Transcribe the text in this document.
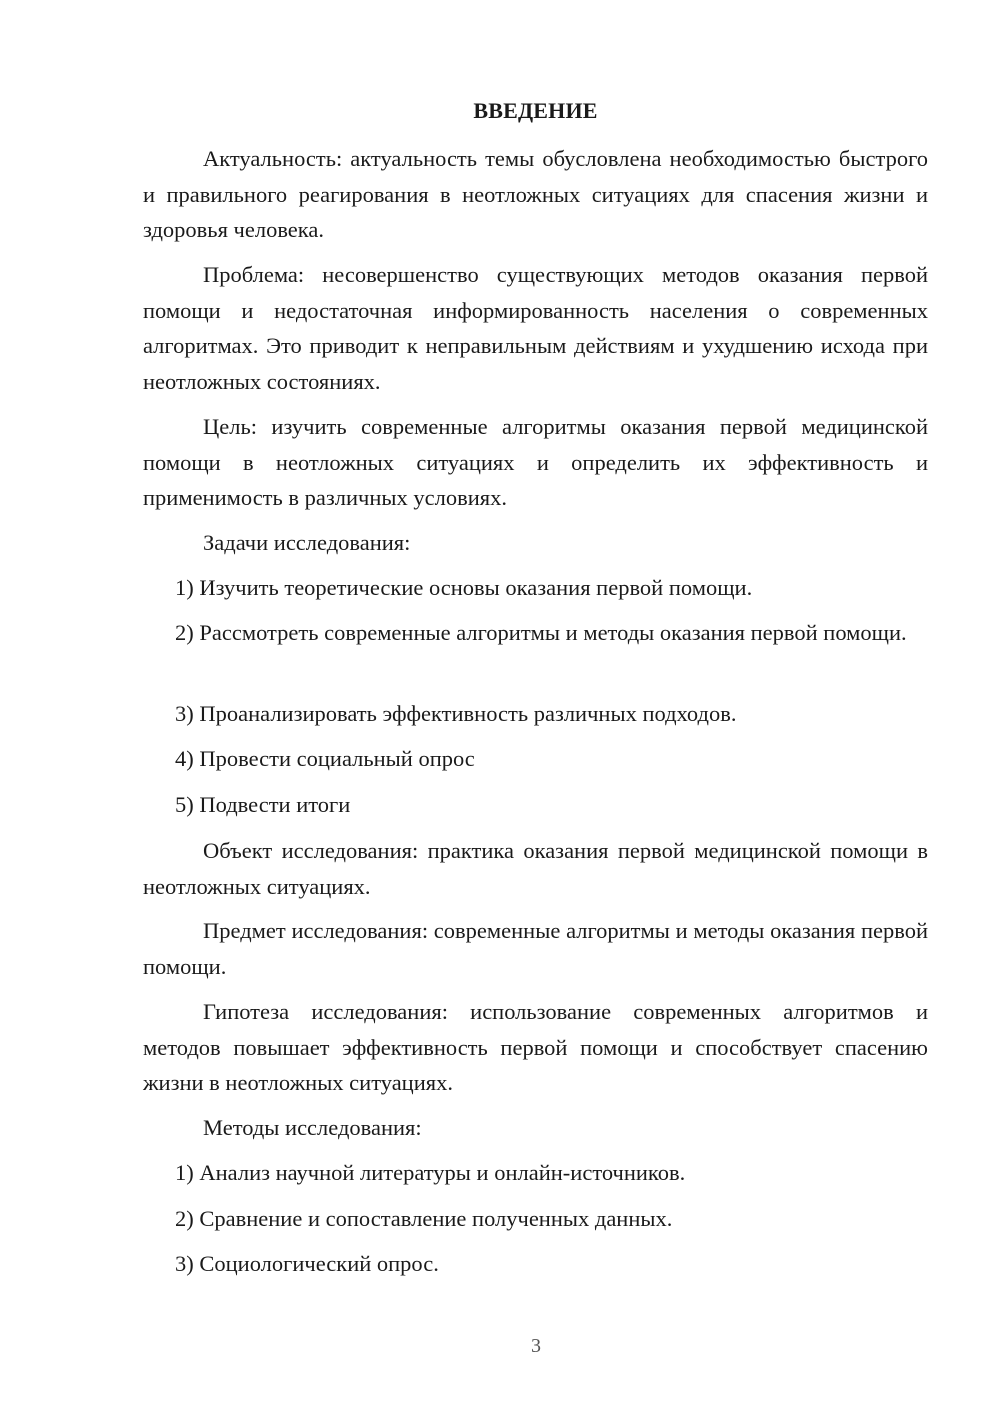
ВВЕДЕНИЕ
Актуальность: актуальность темы обусловлена необходимостью быстрого и правильного реагирования в неотложных ситуациях для спасения жизни и здоровья человека.
Проблема: несовершенство существующих методов оказания первой помощи и недостаточная информированность населения о современных алгоритмах. Это приводит к неправильным действиям и ухудшению исхода при неотложных состояниях.
Цель: изучить современные алгоритмы оказания первой медицинской помощи в неотложных ситуациях и определить их эффективность и применимость в различных условиях.
Задачи исследования:
1) Изучить теоретические основы оказания первой помощи.
2) Рассмотреть современные алгоритмы и методы оказания первой помощи.
3) Проанализировать эффективность различных подходов.
4) Провести социальный опрос
5) Подвести итоги
Объект исследования: практика оказания первой медицинской помощи в неотложных ситуациях.
Предмет исследования: современные алгоритмы и методы оказания первой помощи.
Гипотеза исследования: использование современных алгоритмов и методов повышает эффективность первой помощи и способствует спасению жизни в неотложных ситуациях.
Методы исследования:
1) Анализ научной литературы и онлайн-источников.
2) Сравнение и сопоставление полученных данных.
3) Социологический опрос.
3
